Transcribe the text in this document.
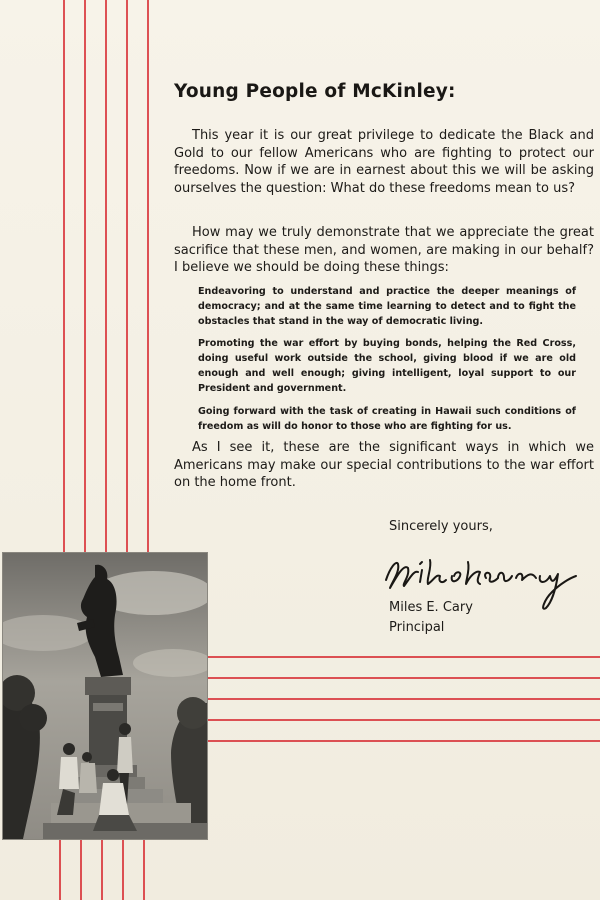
Young People of McKinley:

This year it is our great privilege to dedicate the Black and Gold to our fellow Americans who are fighting to protect our freedoms. Now if we are in earnest about this we will be asking ourselves the question: What do these freedoms mean to us?

How may we truly demonstrate that we appreciate the great sacrifice that these men, and women, are making in our behalf? I believe we should be doing these things:

Endeavoring to understand and practice the deeper meanings of democracy; and at the same time learning to detect and to fight the obstacles that stand in the way of democratic living.

Promoting the war effort by buying bonds, helping the Red Cross, doing useful work outside the school, giving blood if we are old enough and well enough; giving intelligent, loyal support to our President and government.

Going forward with the task of creating in Hawaii such conditions of freedom as will do honor to those who are fighting for us.

As I see it, these are the significant ways in which we Americans may make our special contributions to the war effort on the home front.

Sincerely yours,
Miles E. Cary
Principal
